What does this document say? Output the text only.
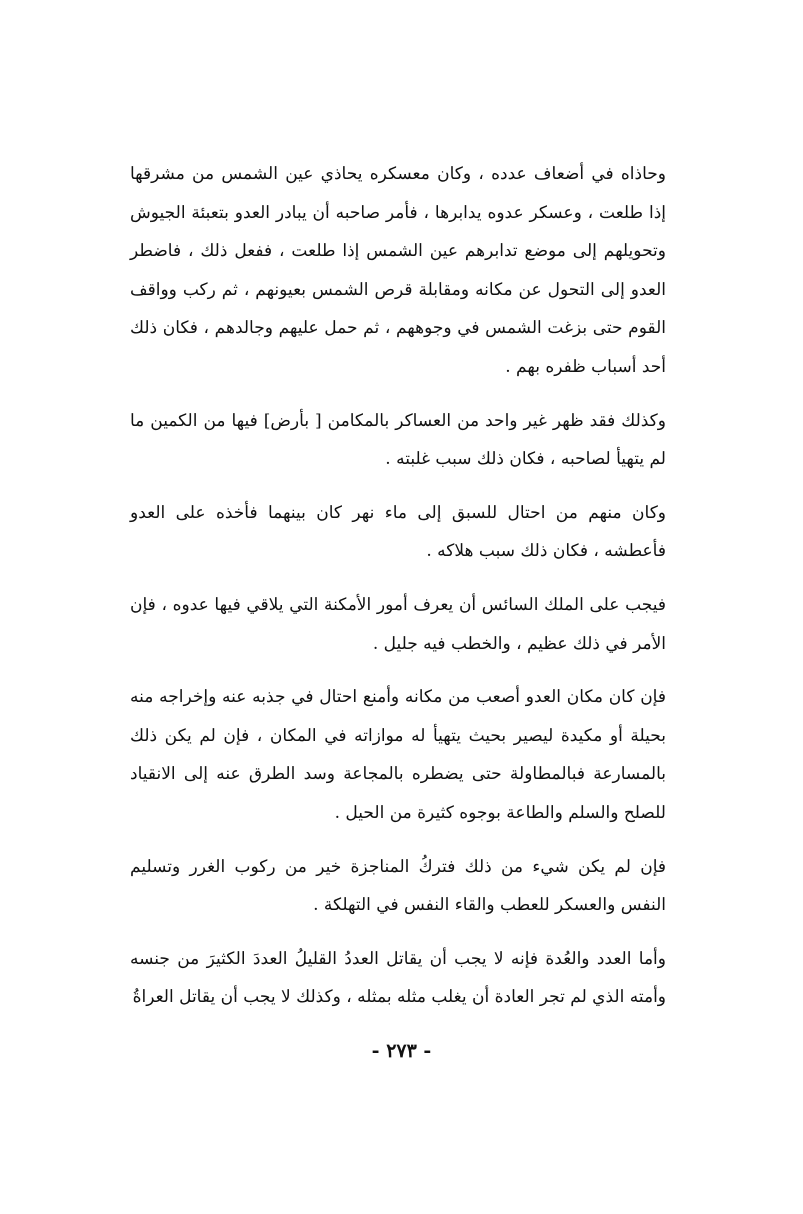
وحاذاه في أضعاف عدده ، وكان معسكره يحاذي عين الشمس من مشرقها إذا طلعت ، وعسكر عدوه يدابرها ، فأمر صاحبه أن يبادر العدو بتعبئة الجيوش وتحويلهم إلى موضع تدابرهم عين الشمس إذا طلعت ، ففعل ذلك ، فاضطر العدو إلى التحول عن مكانه ومقابلة قرص الشمس بعيونهم ، ثم ركب وواقف القوم حتى بزغت الشمس في وجوههم ، ثم حمل عليهم وجالدهم ، فكان ذلك أحد أسباب ظفره بهم .

وكذلك فقد ظهر غير واحد من العساكر بالمكامن [ بأرض] فيها من الكمين ما لم يتهيأ لصاحبه ، فكان ذلك سبب غلبته .

وكان منهم من احتال للسبق إلى ماء نهر كان بينهما فأخذه على العدو فأعطشه ، فكان ذلك سبب هلاكه .

فيجب على الملك السائس أن يعرف أمور الأمكنة التي يلاقي فيها عدوه ، فإن الأمر في ذلك عظيم ، والخطب فيه جليل .

فإن كان مكان العدو أصعب من مكانه وأمنع احتال في جذبه عنه وإخراجه منه بحيلة أو مكيدة ليصير بحيث يتهيأ له موازاته في المكان ، فإن لم يكن ذلك بالمسارعة فبالمطاولة حتى يضطره بالمجاعة وسد الطرق عنه إلى الانقياد للصلح والسلم والطاعة بوجوه كثيرة من الحيل .

فإن لم يكن شيء من ذلك فتركُ المناجزة خير من ركوب الغرر وتسليم النفس والعسكر للعطب والقاء النفس في التهلكة .

وأما العدد والعُدة فإنه لا يجب أن يقاتل العددُ القليلُ العددَ الكثيرَ من جنسه وأمته الذي لم تجر العادة أن يغلب مثله بمثله ، وكذلك لا يجب أن يقاتل العراةُ

- ٢٧٣ -
